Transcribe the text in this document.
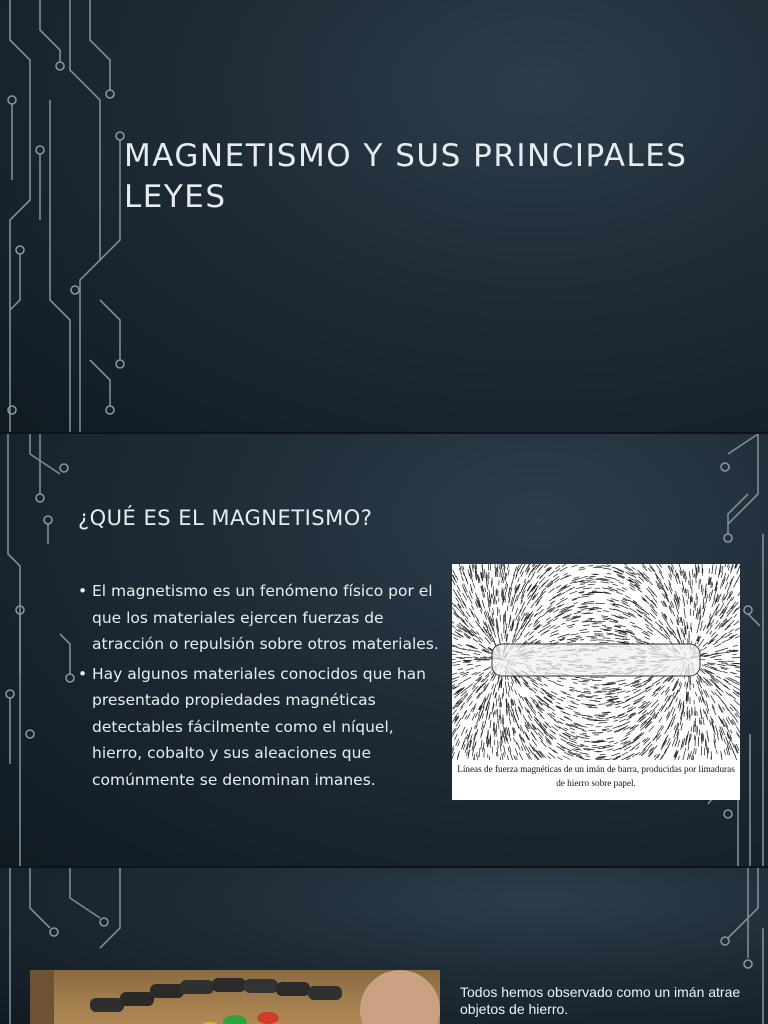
MAGNETISMO Y SUS PRINCIPALES LEYES
¿QUÉ ES EL MAGNETISMO?
• El magnetismo es un fenómeno físico por el que los materiales ejercen fuerzas de atracción o repulsión sobre otros materiales.
• Hay algunos materiales conocidos que han presentado propiedades magnéticas detectables fácilmente como el níquel, hierro, cobalto y sus aleaciones que comúnmente se denominan imanes.
Líneas de fuerza magnéticas de un imán de barra, producidas por limaduras de hierro sobre papel.

Todos hemos observado como un imán atrae objetos de hierro.
